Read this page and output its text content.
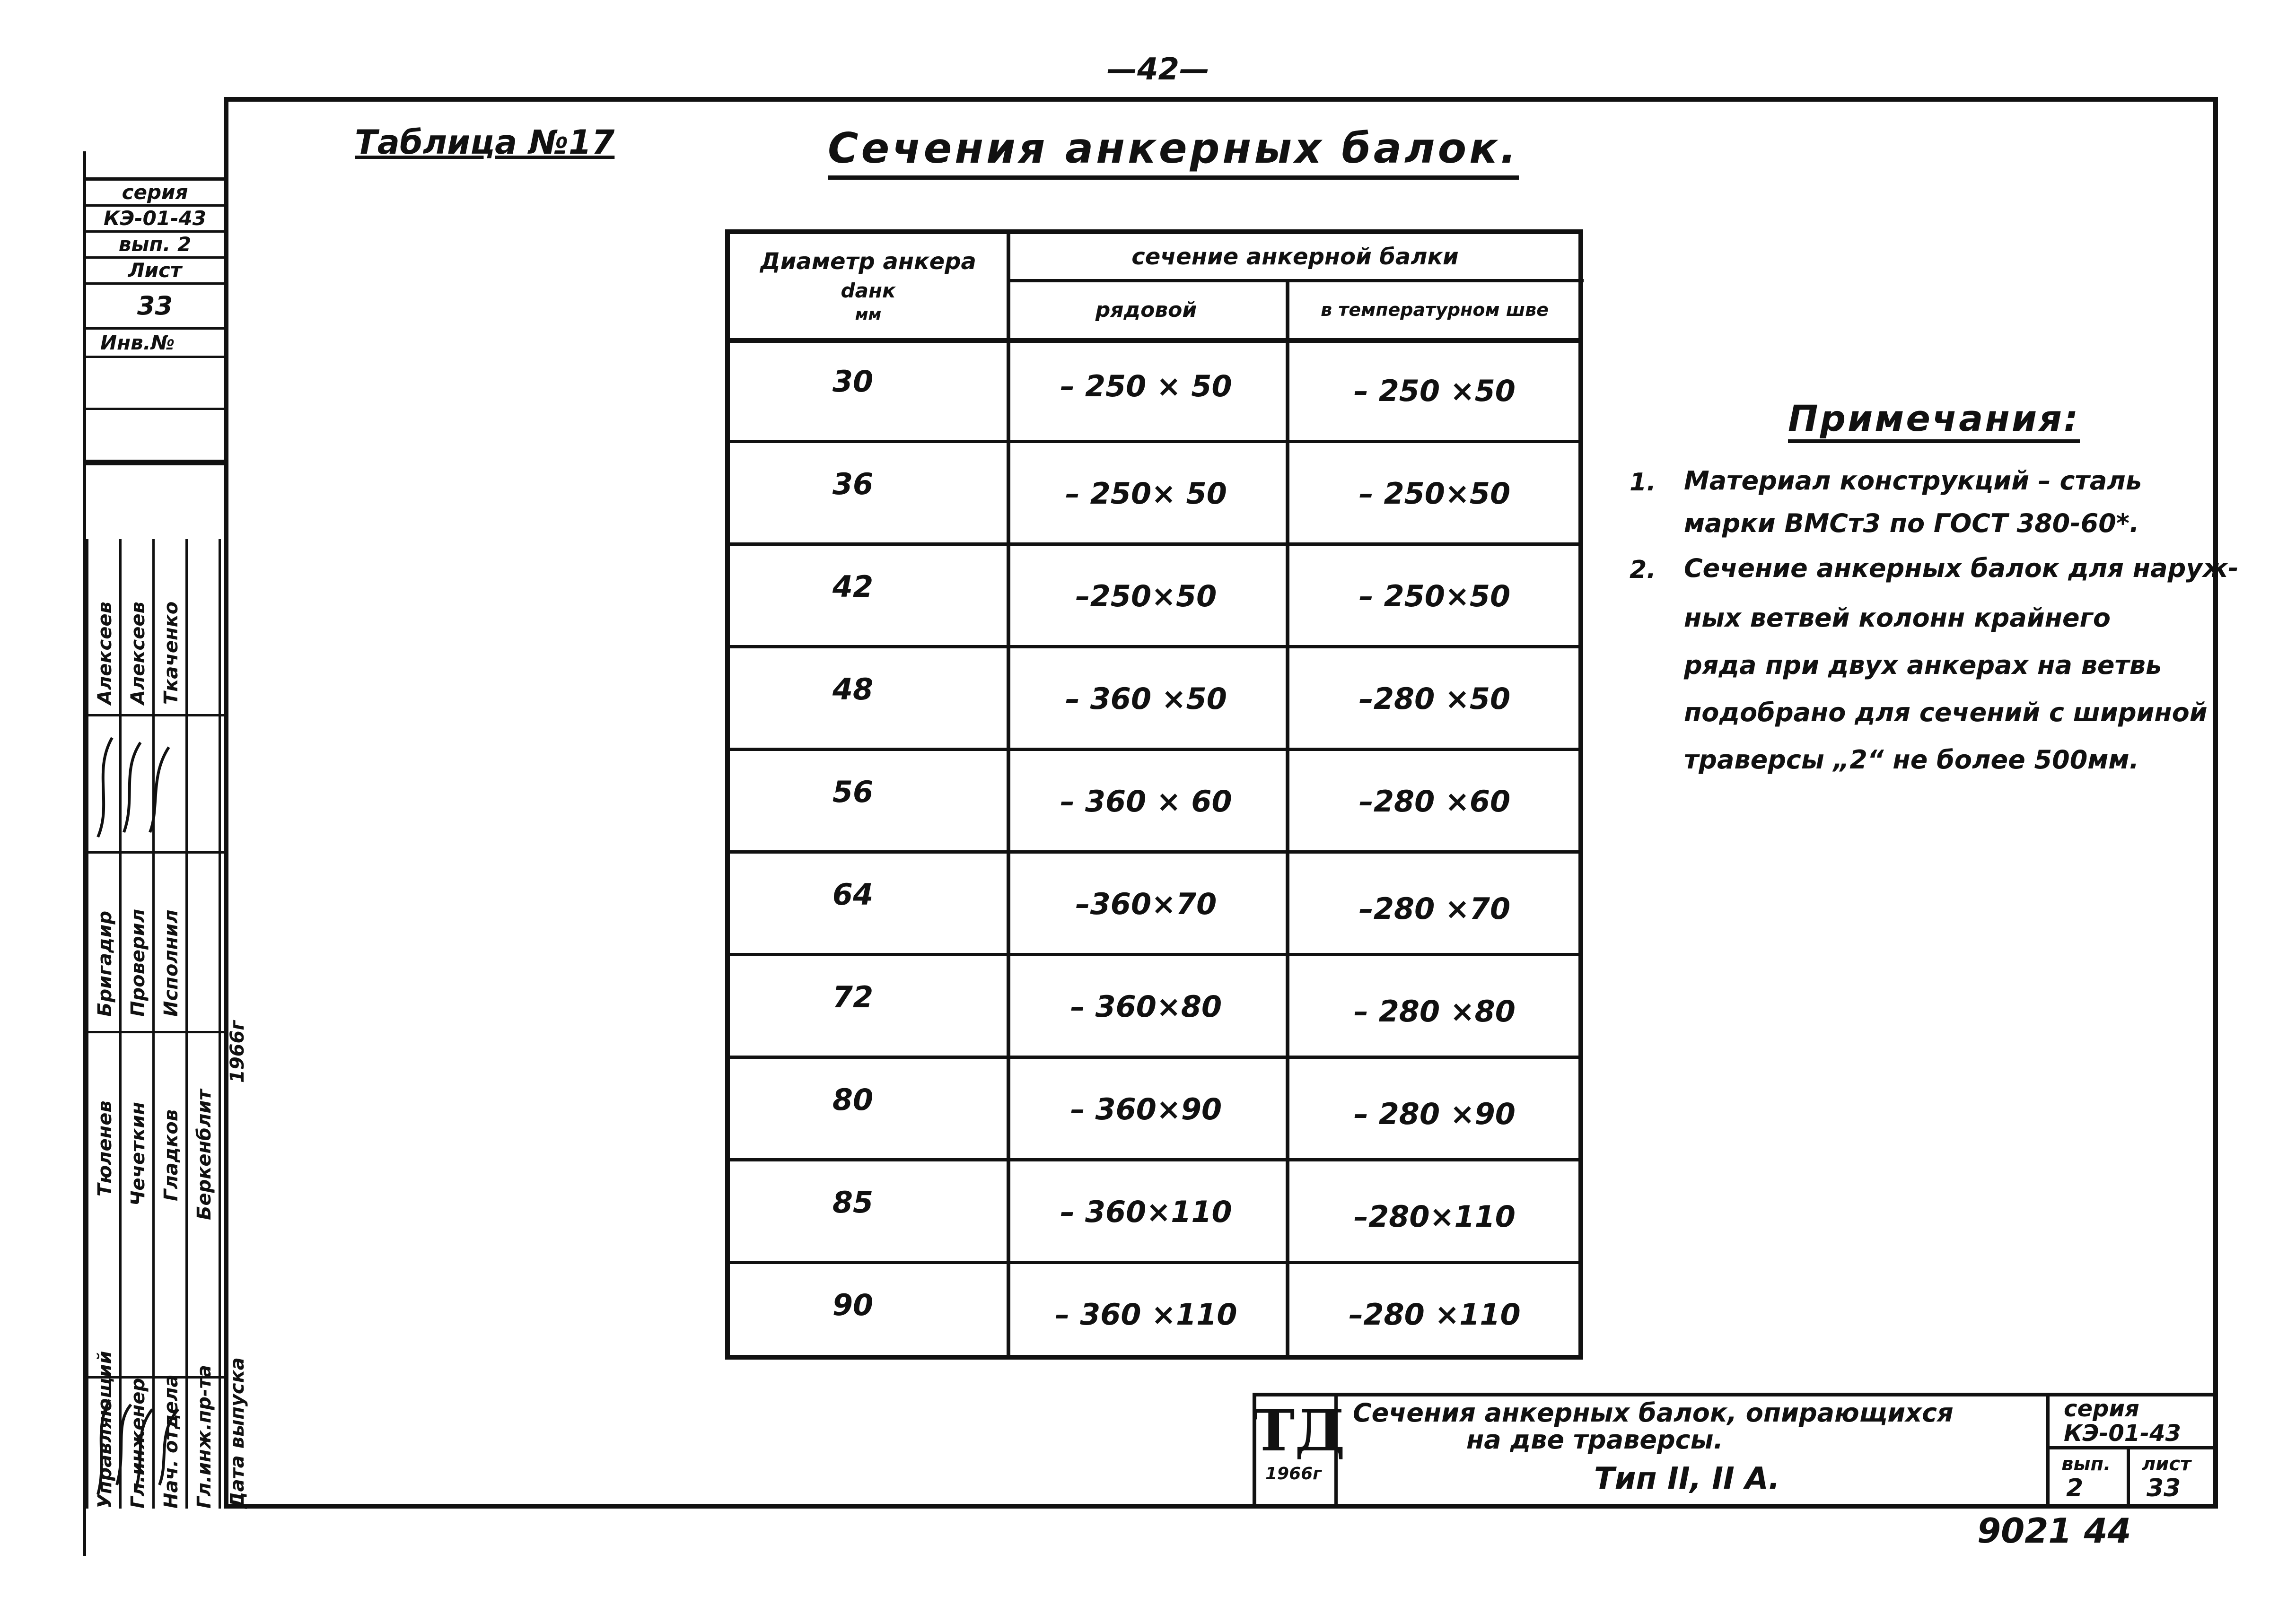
—42—
серия
КЭ-01-43
вып. 2
Лист
33
Инв.№
Управляющий Гл.инженер Нач. отдела Гл.инж.пр-та Дата выпуска
Тюленев Чечеткин Гладков Беркенблит
1966г
Бригадир Проверил Исполнил
Алексеев Алексеев Ткаченко
Таблица №17	Сечения анкерных балок.
Диаметр анкера
dанк
мм
сечение анкерной балки
рядовой	в температурном шве
30	– 250 × 50	– 250 ×50
36	– 250× 50	– 250×50
42	–250×50	– 250×50
48	– 360 ×50	–280 ×50
56	– 360 × 60	–280 ×60
64	–360×70	–280 ×70
72	– 360×80	– 280 ×80
80	– 360×90	– 280 ×90
85	– 360×110	–280×110
90	– 360 ×110	–280 ×110
Примечания:
1. Материал конструкций – сталь
марки ВМСт3 по ГОСТ 380-60*.
2. Сечение анкерных балок для наруж-
ных ветвей колонн крайнего
ряда при двух анкерах на ветвь
подобрано для сечений с шириной
траверсы „2“ не более 500мм.
ТД
1966г
Сечения анкерных балок, опирающихся
на две траверсы.
Тип II, II А.
серия
КЭ-01-43
вып.
2
лист
33
9021 44
